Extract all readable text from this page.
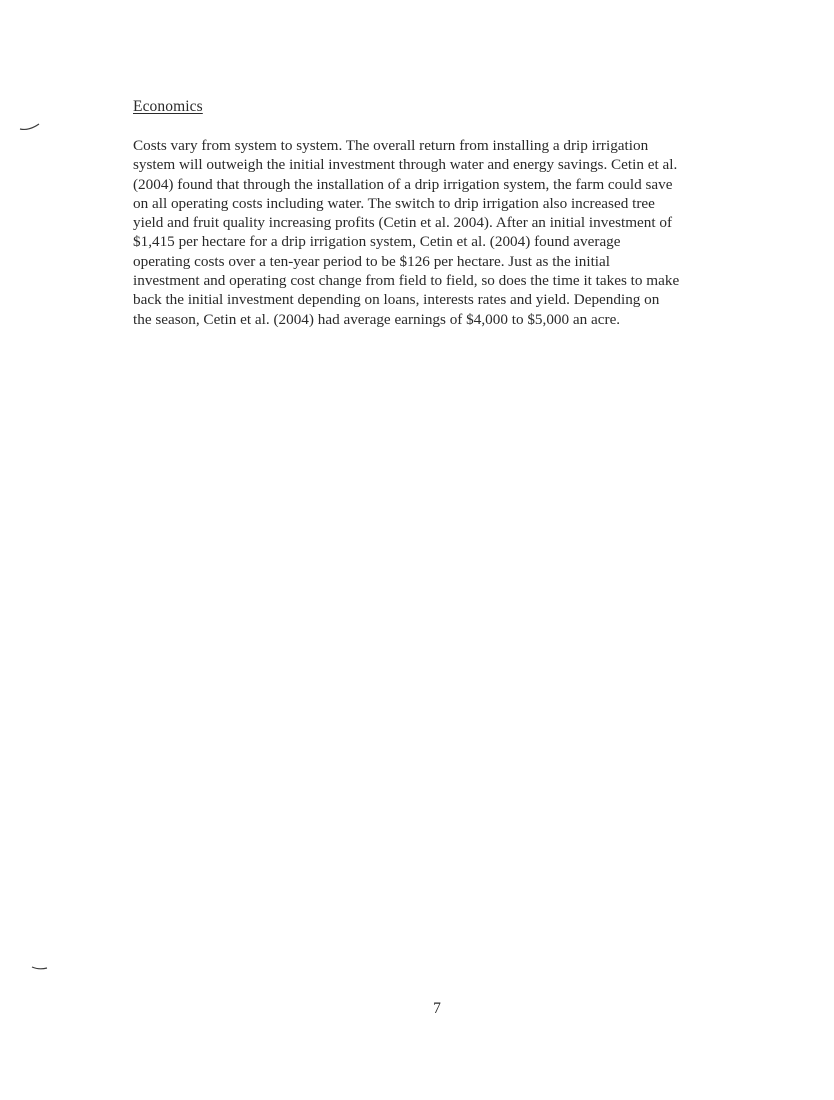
Economics

Costs vary from system to system. The overall return from installing a drip irrigation
system will outweigh the initial investment through water and energy savings. Cetin et al.
(2004) found that through the installation of a drip irrigation system, the farm could save
on all operating costs including water. The switch to drip irrigation also increased tree
yield and fruit quality increasing profits (Cetin et al. 2004). After an initial investment of
$1,415 per hectare for a drip irrigation system, Cetin et al. (2004) found average
operating costs over a ten-year period to be $126 per hectare. Just as the initial
investment and operating cost change from field to field, so does the time it takes to make
back the initial investment depending on loans, interests rates and yield. Depending on
the season, Cetin et al. (2004) had average earnings of $4,000 to $5,000 an acre.

7
